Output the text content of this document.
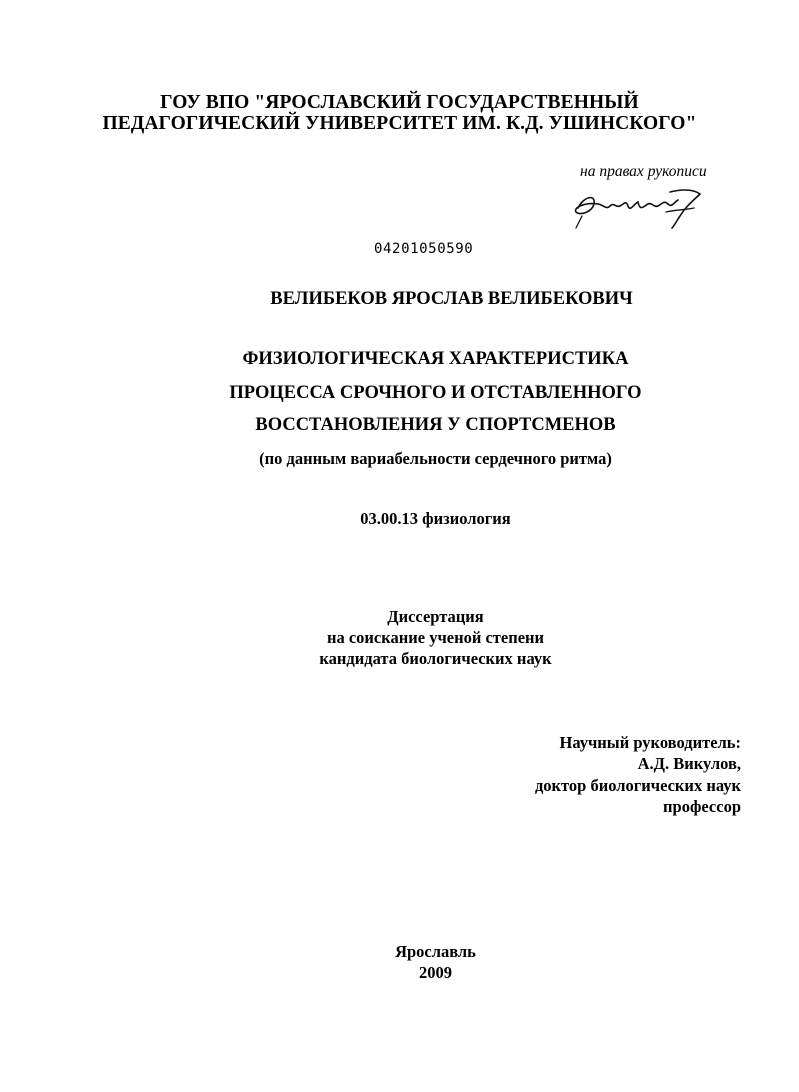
ГОУ ВПО "ЯРОСЛАВСКИЙ ГОСУДАРСТВЕННЫЙ
ПЕДАГОГИЧЕСКИЙ УНИВЕРСИТЕТ ИМ. К.Д. УШИНСКОГО"
на правах рукописи
04201050590
ВЕЛИБЕКОВ ЯРОСЛАВ ВЕЛИБЕКОВИЧ
ФИЗИОЛОГИЧЕСКАЯ ХАРАКТЕРИСТИКА
ПРОЦЕССА СРОЧНОГО И ОТСТАВЛЕННОГО
ВОССТАНОВЛЕНИЯ У СПОРТСМЕНОВ
(по данным вариабельности сердечного ритма)
03.00.13 физиология
Диссертация
на соискание ученой степени
кандидата биологических наук
Научный руководитель:
А.Д. Викулов,
доктор биологических наук
профессор
Ярославль
2009
